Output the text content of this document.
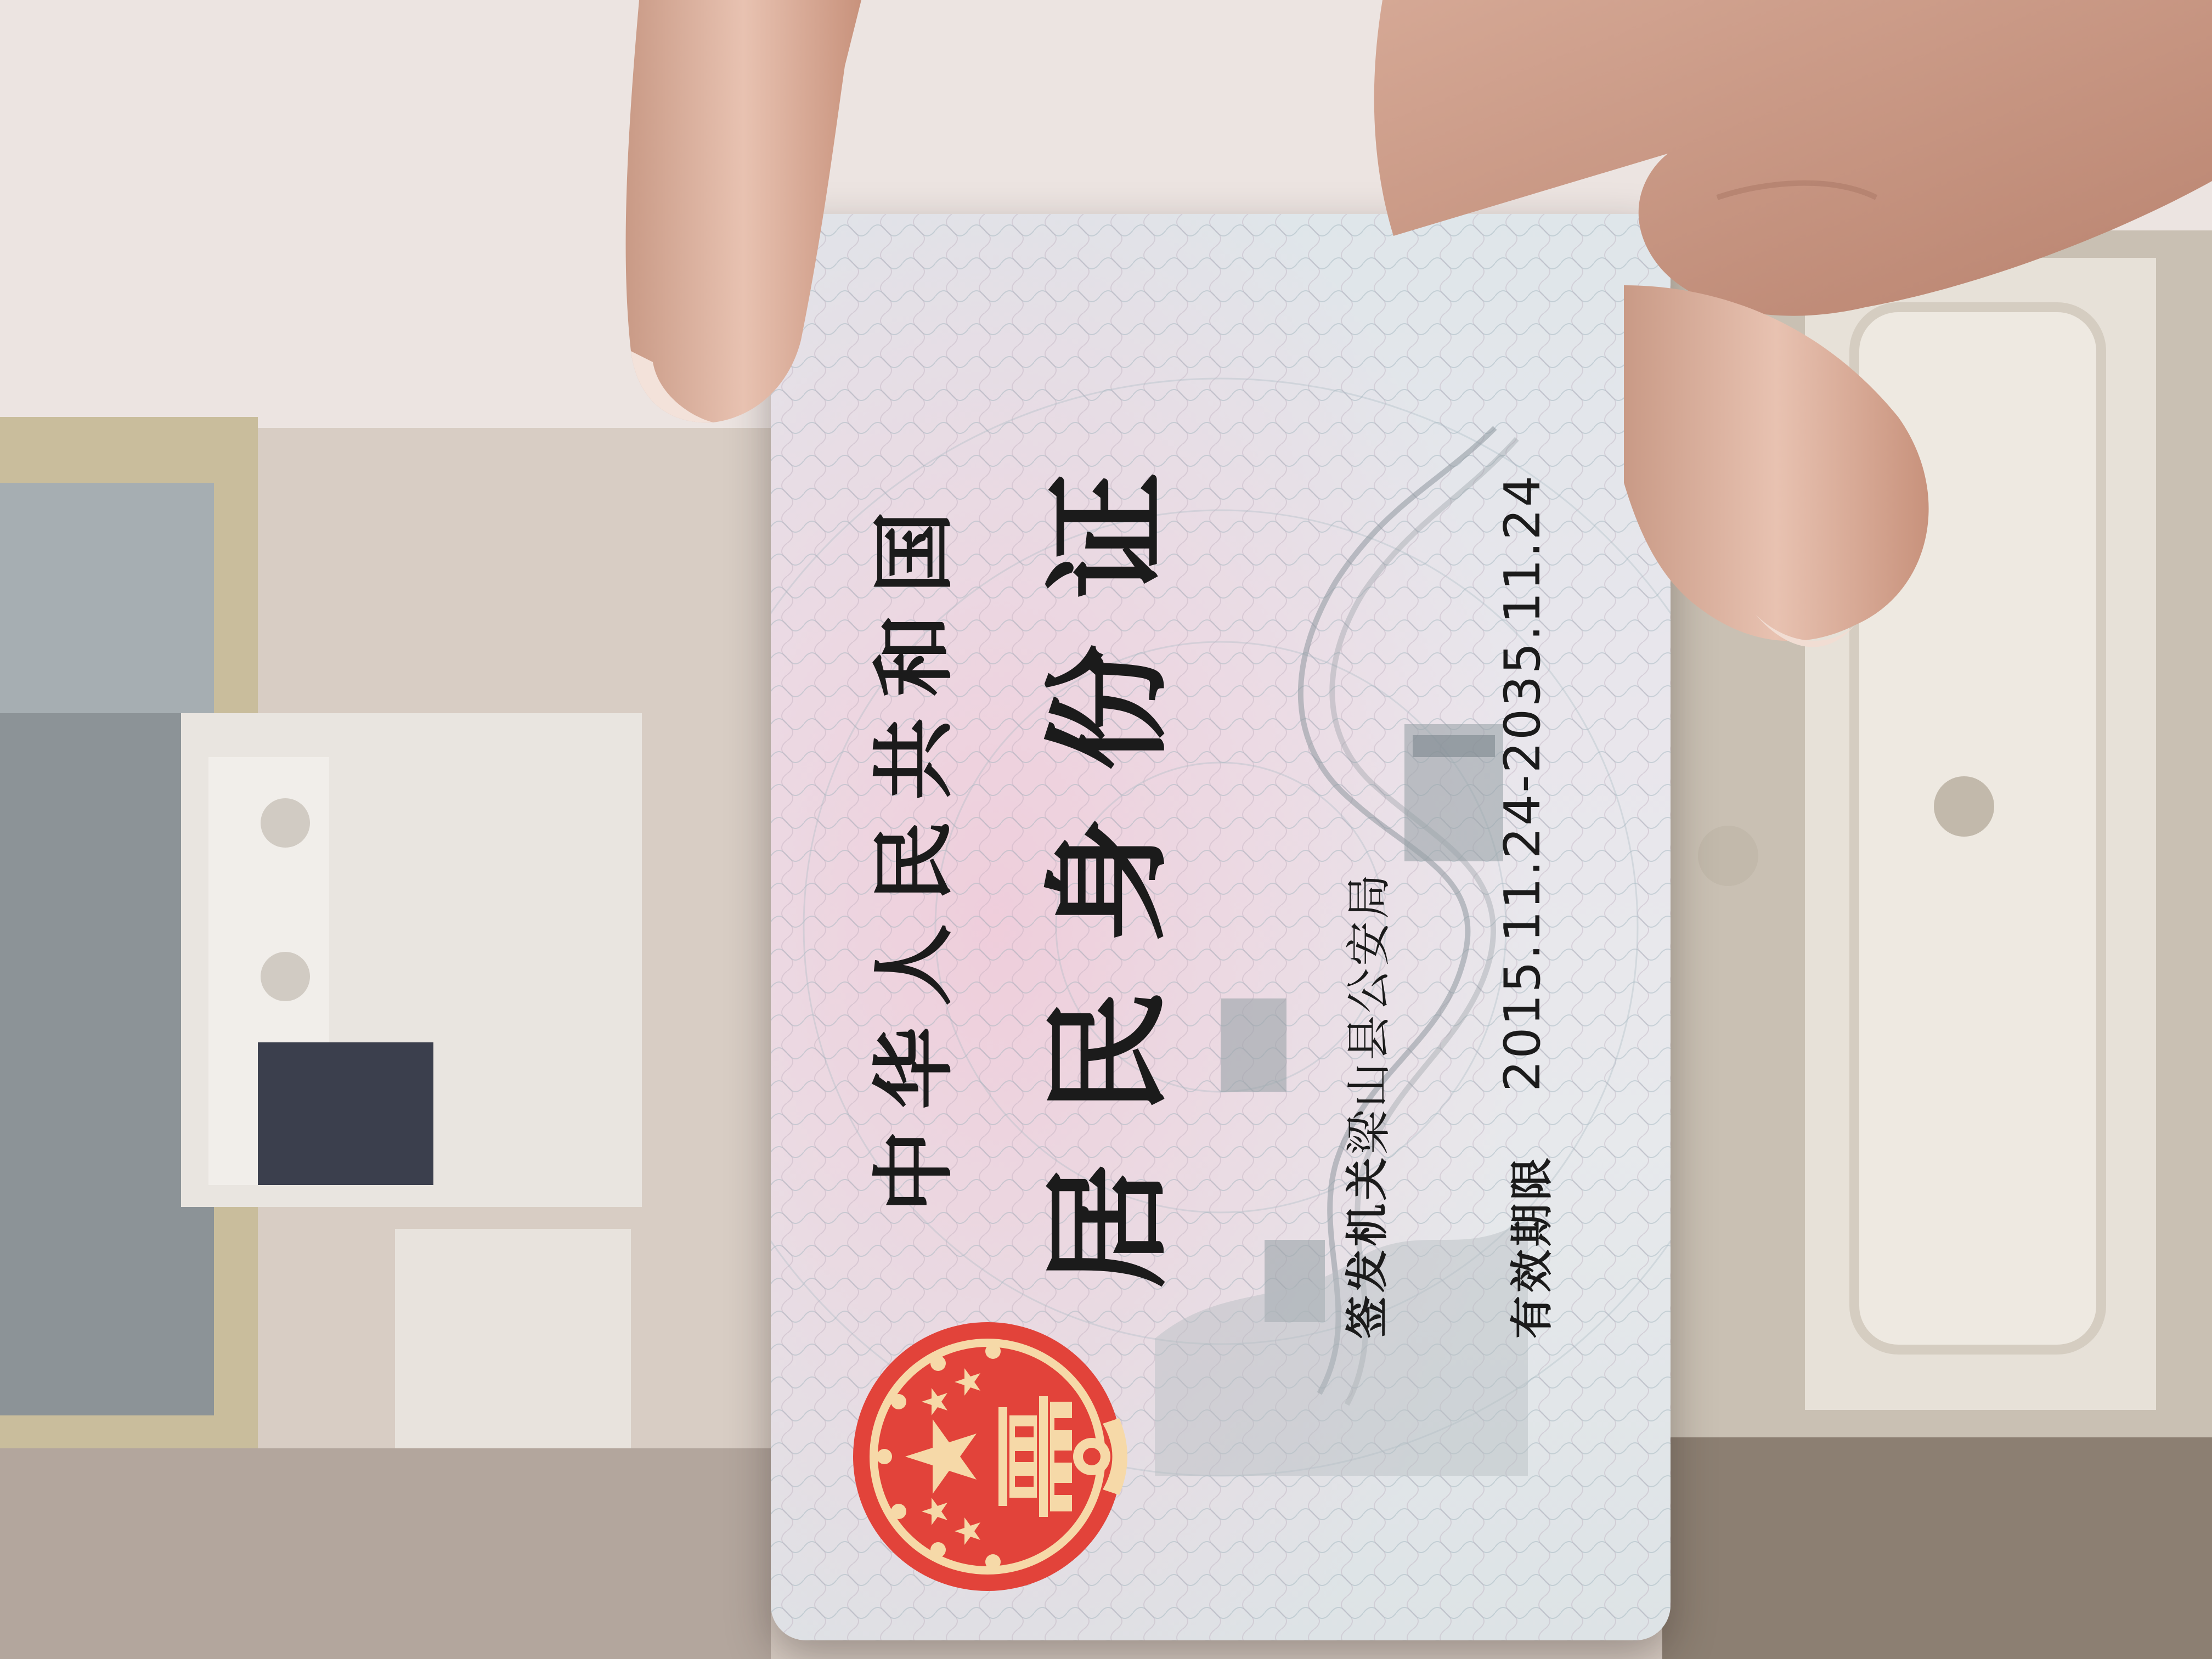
中华人民共和国 居民身份证	签发机关
梁山县公安局
有效期限
2015.11.24-2035.11.24
